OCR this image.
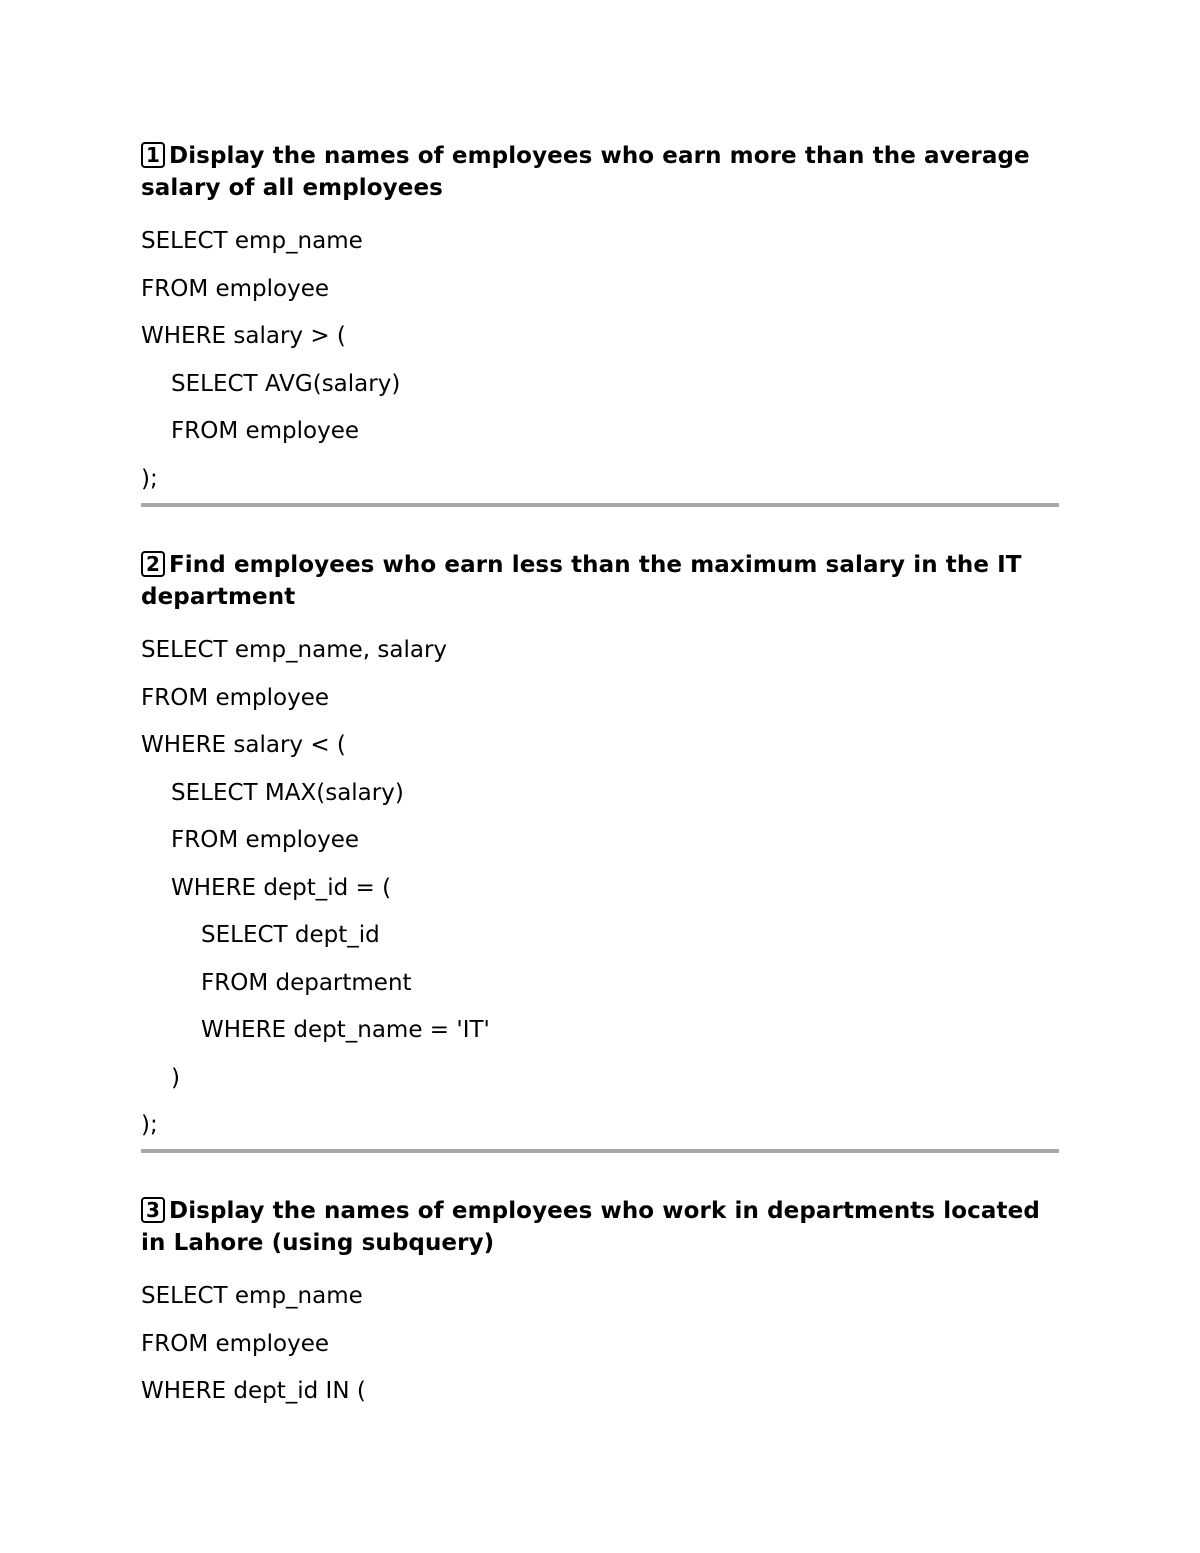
1 Display the names of employees who earn more than the average salary of all employees
SELECT emp_name
FROM employee
WHERE salary > (
SELECT AVG(salary)
FROM employee
);
2 Find employees who earn less than the maximum salary in the IT department
SELECT emp_name, salary
FROM employee
WHERE salary < (
SELECT MAX(salary)
FROM employee
WHERE dept_id = (
SELECT dept_id
FROM department
WHERE dept_name = 'IT'
)
);
3 Display the names of employees who work in departments located in Lahore (using subquery)
SELECT emp_name
FROM employee
WHERE dept_id IN (
